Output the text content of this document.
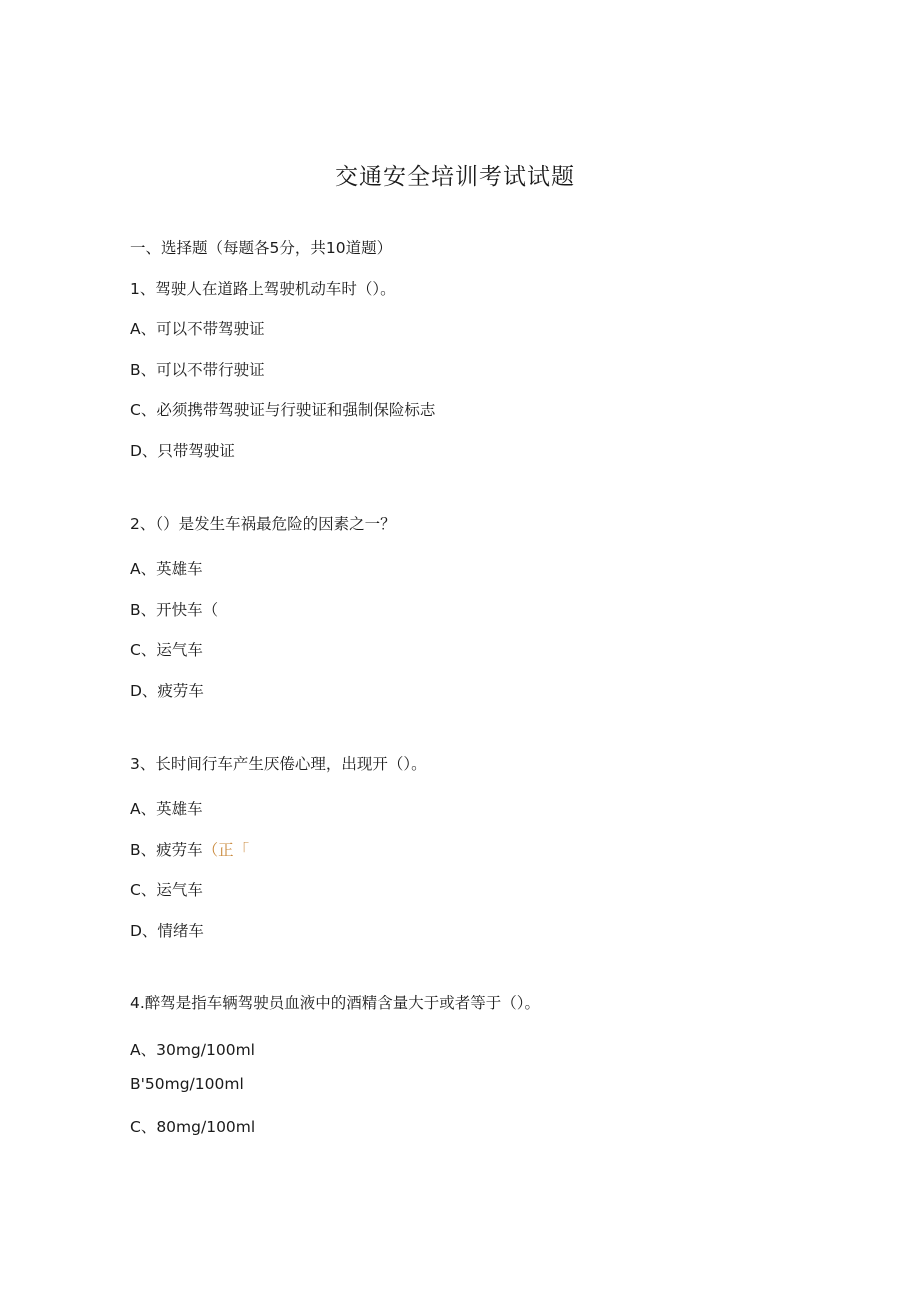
交通安全培训考试试题
一、选择题（每题各5分，共10道题）
1、驾驶人在道路上驾驶机动车时（）。
A、可以不带驾驶证
B、可以不带行驶证
C、必须携带驾驶证与行驶证和强制保险标志
D、只带驾驶证
2、（）是发生车祸最危险的因素之一？
A、英雄车
B、开快车（
C、运气车
D、疲劳车
3、长时间行车产生厌倦心理，出现开（）。
A、英雄车
B、疲劳车（正「
C、运气车
D、情绪车
4.醉驾是指车辆驾驶员血液中的酒精含量大于或者等于（）。
A、30mg∕100ml
B'50mg∕100ml
C、80mg∕100ml
